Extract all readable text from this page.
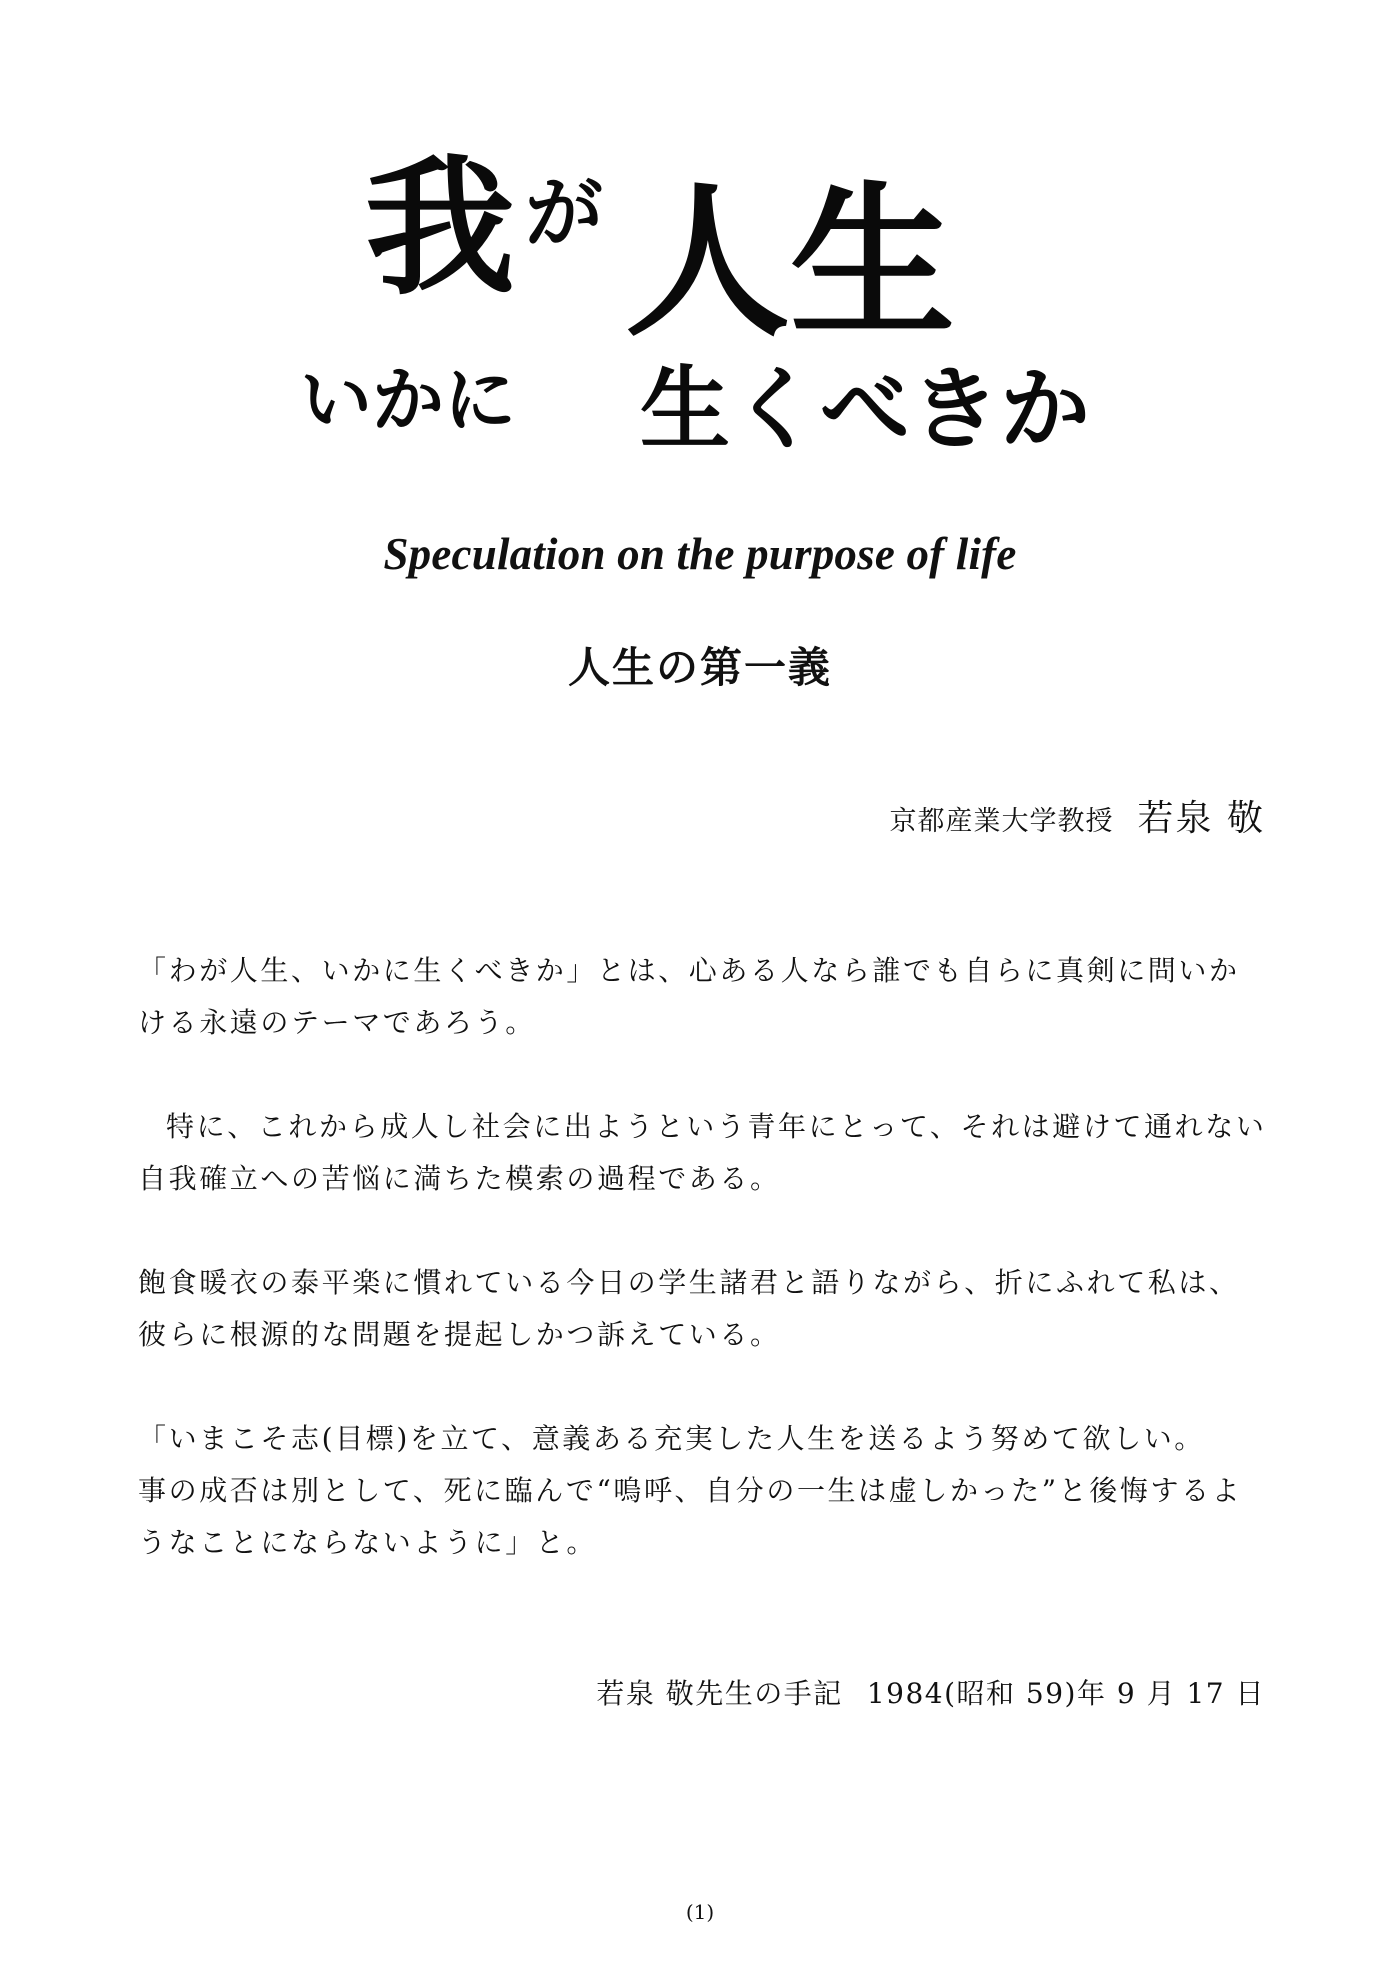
我 が 人生
いかに 生くべきか
Speculation on the purpose of life
人生の第一義
京都産業大学教授 若泉 敬

「わが人生、いかに生くべきか」とは、心ある人なら誰でも自らに真剣に問いかける永遠のテーマであろう。

特に、これから成人し社会に出ようという青年にとって、それは避けて通れない自我確立への苦悩に満ちた模索の過程である。

飽食暖衣の泰平楽に慣れている今日の学生諸君と語りながら、折にふれて私は、彼らに根源的な問題を提起しかつ訴えている。

「いまこそ志(目標)を立て、意義ある充実した人生を送るよう努めて欲しい。

事の成否は別として、死に臨んで“嗚呼、自分の一生は虚しかった”と後悔するようなことにならないように」と。

若泉 敬先生の手記 1984(昭和 59)年 9 月 17 日
(1)
